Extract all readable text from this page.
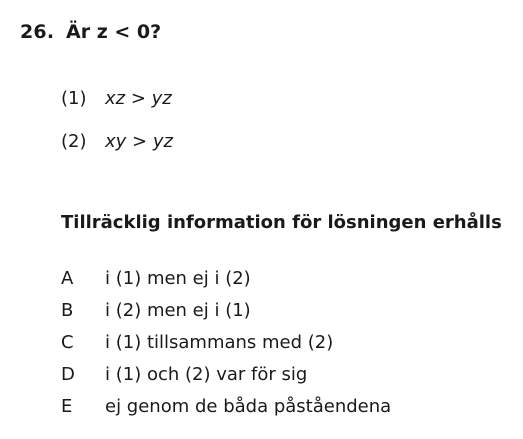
26. Är z < 0?
(1) xz > yz
(2) xy > yz
Tillräcklig information för lösningen erhålls
A i (1) men ej i (2)
B i (2) men ej i (1)
C i (1) tillsammans med (2)
D i (1) och (2) var för sig
E ej genom de båda påståendena
